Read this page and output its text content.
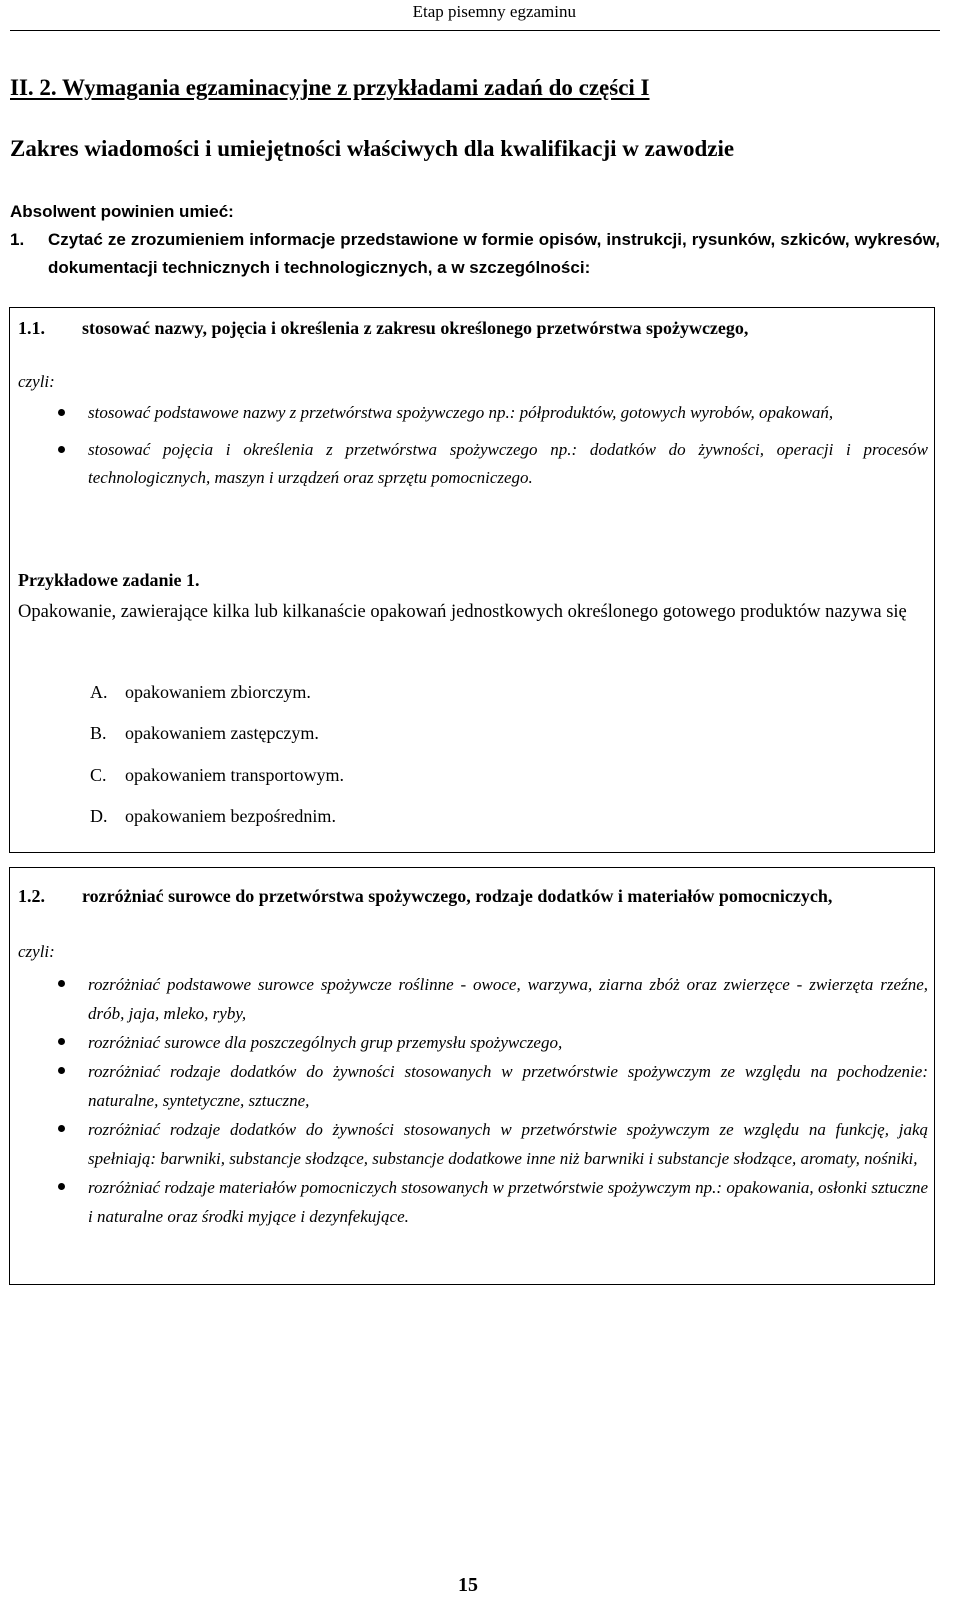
Etap pisemny egzaminu
II. 2. Wymagania egzaminacyjne z przykładami zadań do części I
Zakres wiadomości i umiejętności właściwych dla kwalifikacji w zawodzie
Absolwent powinien umieć:
1.	Czytać ze zrozumieniem informacje przedstawione w formie opisów, instrukcji, rysunków, szkiców, wykresów, dokumentacji technicznych i technologicznych, a w szczególności:
1.1.	stosować nazwy, pojęcia i określenia z zakresu określonego przetwórstwa spożywczego,
czyli:
stosować podstawowe nazwy z przetwórstwa spożywczego np.: półproduktów, gotowych wyrobów, opakowań,
stosować pojęcia i określenia z przetwórstwa spożywczego np.: dodatków do żywności, operacji i procesów technologicznych, maszyn i urządzeń oraz sprzętu pomocniczego.
Przykładowe zadanie 1.
Opakowanie, zawierające kilka lub kilkanaście opakowań jednostkowych określonego gotowego produktów nazywa się
A. opakowaniem zbiorczym.
B. opakowaniem zastępczym.
C. opakowaniem transportowym.
D. opakowaniem bezpośrednim.
1.2.	rozróżniać surowce do przetwórstwa spożywczego, rodzaje dodatków i materiałów pomocniczych,
czyli:
rozróżniać podstawowe surowce spożywcze roślinne - owoce, warzywa, ziarna zbóż oraz zwierzęce - zwierzęta rzeźne, drób, jaja, mleko, ryby,
rozróżniać surowce dla poszczególnych grup przemysłu spożywczego,
rozróżniać rodzaje dodatków do żywności stosowanych w przetwórstwie spożywczym ze względu na pochodzenie: naturalne, syntetyczne, sztuczne,
rozróżniać rodzaje dodatków do żywności stosowanych w przetwórstwie spożywczym ze względu na funkcję, jaką spełniają: barwniki, substancje słodzące, substancje dodatkowe inne niż barwniki i substancje słodzące, aromaty, nośniki,
rozróżniać rodzaje materiałów pomocniczych stosowanych w przetwórstwie spożywczym np.: opakowania, osłonki sztuczne i naturalne oraz środki myjące i dezynfekujące.
15
